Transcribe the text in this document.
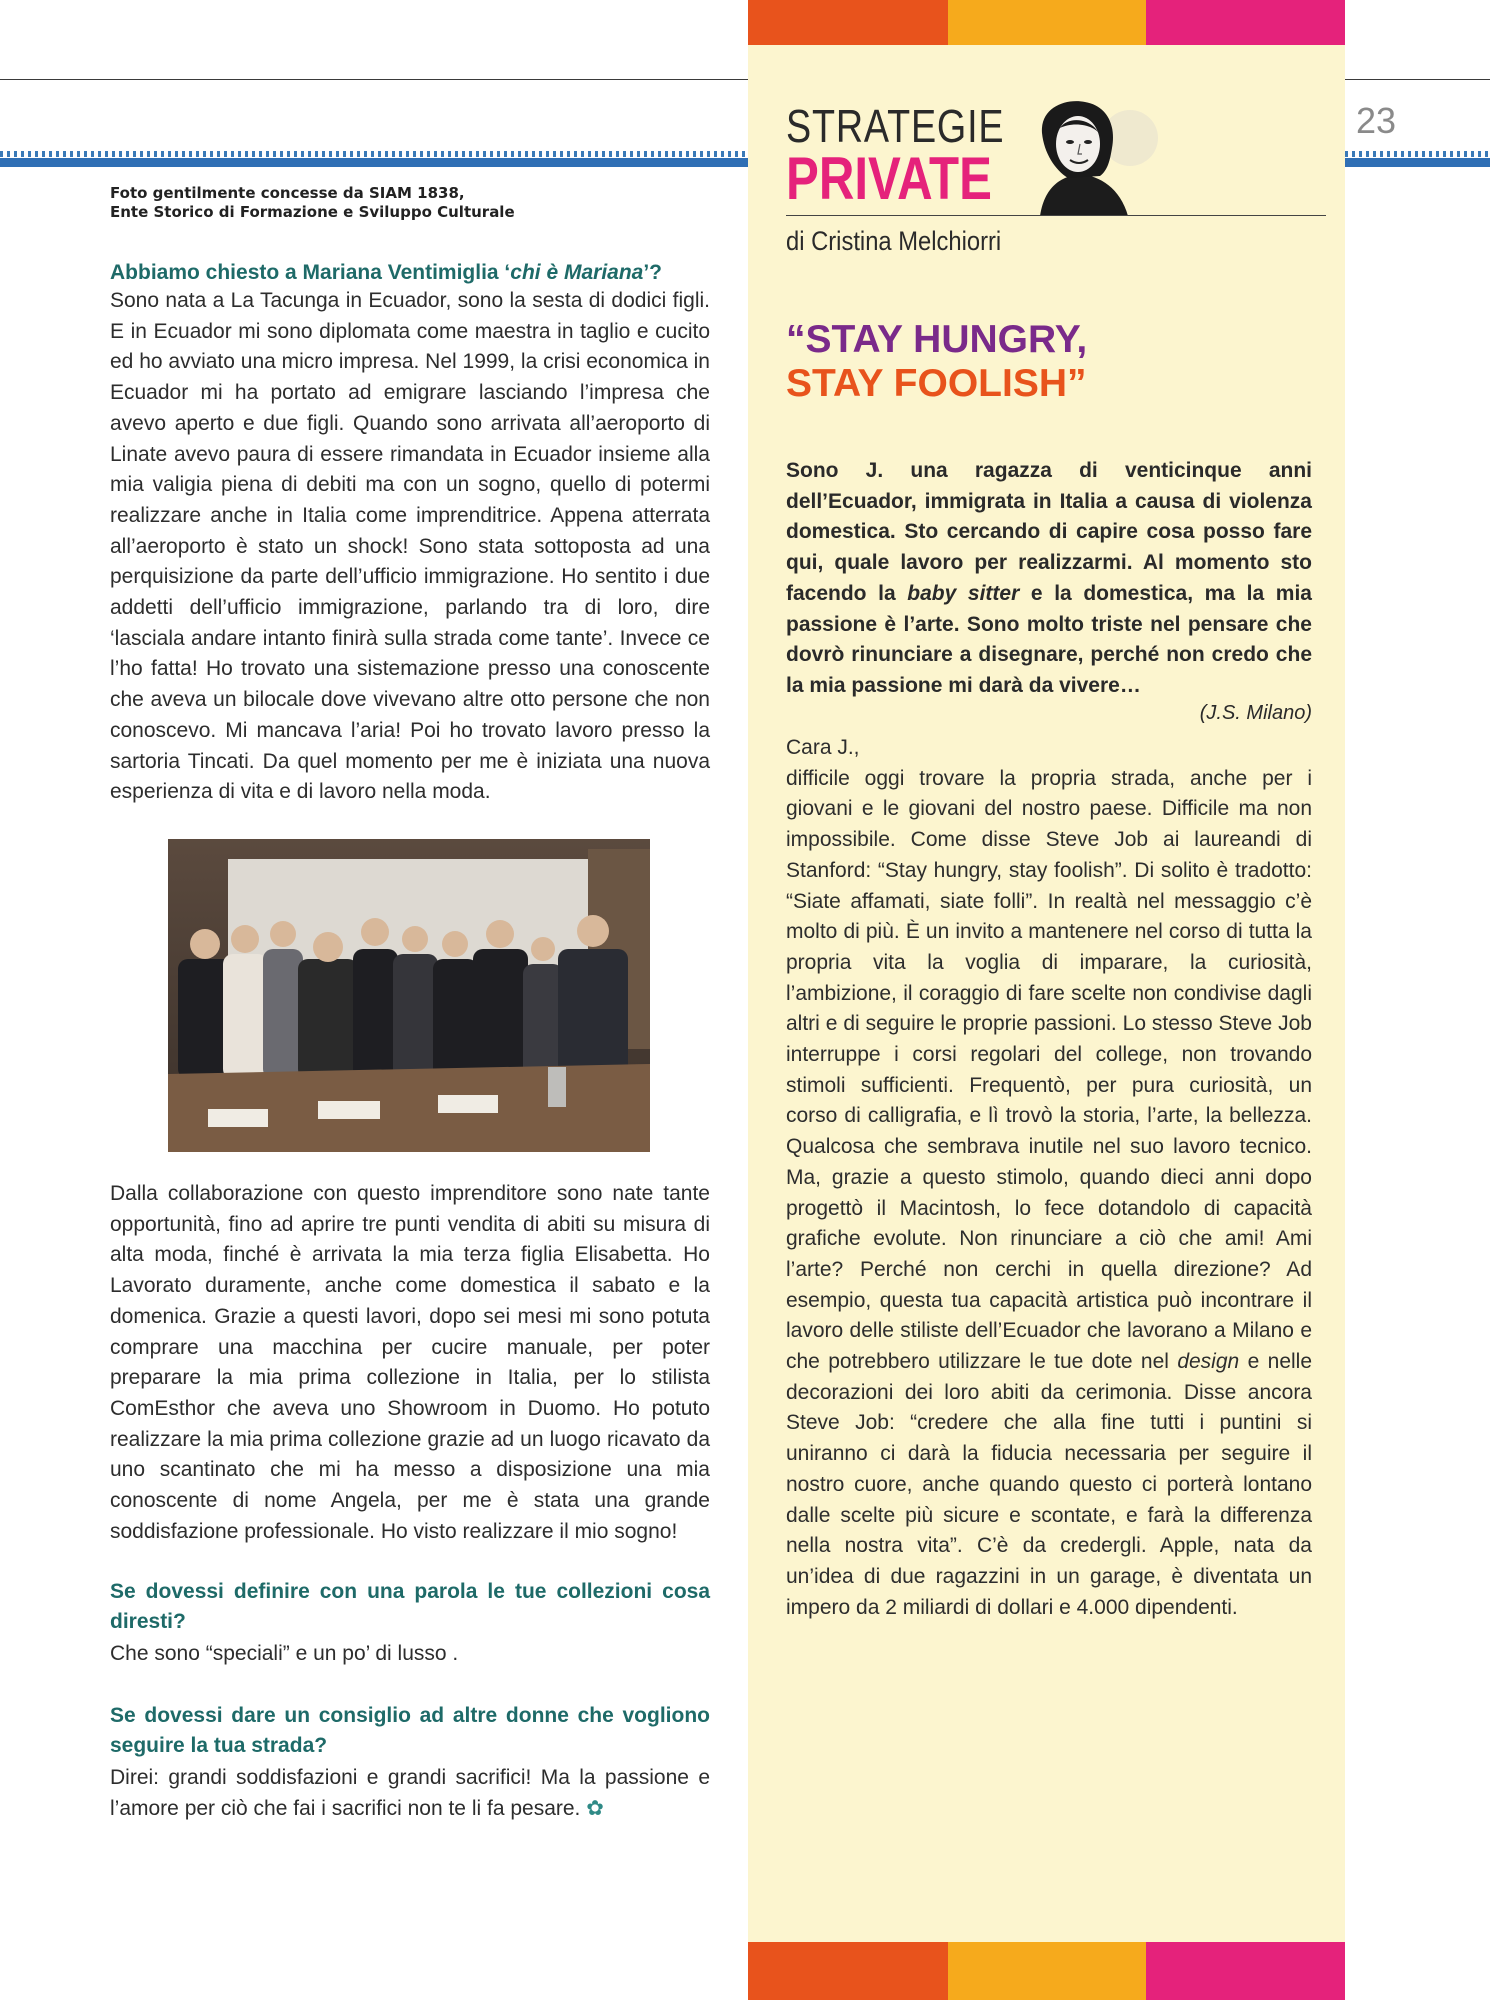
23
Foto gentilmente concesse da SIAM 1838,
Ente Storico di Formazione e Sviluppo Culturale
Abbiamo chiesto a Mariana Ventimiglia ‘chi è Mariana’?
Sono nata a La Tacunga in Ecuador, sono la sesta di dodici figli. E in Ecuador mi sono diplomata come maestra in taglio e cucito ed ho avviato una micro impresa. Nel 1999, la crisi economica in Ecuador mi ha portato ad emigrare lasciando l’impresa che avevo aperto e due figli. Quando sono arrivata all’aeroporto di Linate avevo paura di essere rimandata in Ecuador insieme alla mia valigia piena di debiti ma con un sogno, quello di potermi realizzare anche in Italia come imprenditrice. Appena atterrata all’aeroporto è stato un shock! Sono stata sottoposta ad una perquisizione da parte dell’ufficio immigrazione. Ho sentito i due addetti dell’ufficio immigrazione, parlando tra di loro, dire ‘lasciala andare intanto finirà sulla strada come tante’. Invece ce l’ho fatta! Ho trovato una sistemazione presso una conoscente che aveva un bilocale dove vivevano altre otto persone che non conoscevo. Mi mancava l’aria! Poi ho trovato lavoro presso la sartoria Tincati. Da quel momento per me è iniziata una nuova esperienza di vita e di lavoro nella moda.
Dalla collaborazione con questo imprenditore sono nate tante opportunità, fino ad aprire tre punti vendita di abiti su misura di alta moda, finché è arrivata la mia terza figlia Elisabetta. Ho Lavorato duramente, anche come domestica il sabato e la domenica. Grazie a questi lavori, dopo sei mesi mi sono potuta comprare una macchina per cucire manuale, per poter preparare la mia prima collezione in Italia, per lo stilista ComEsthor che aveva uno Showroom in Duomo. Ho potuto realizzare la mia prima collezione grazie ad un luogo ricavato da uno scantinato che mi ha messo a disposizione una mia conoscente di nome Angela, per me è stata una grande soddisfazione professionale. Ho visto realizzare il mio sogno!
Se dovessi definire con una parola le tue collezioni cosa diresti?
Che sono “speciali” e un po’ di lusso .
Se dovessi dare un consiglio ad altre donne che vogliono seguire la tua strada?
Direi: grandi soddisfazioni e grandi sacrifici! Ma la passione e l’amore per ciò che fai i sacrifici non te li fa pesare. ✿
STRATEGIE
PRIVATE
di Cristina Melchiorri
“STAY HUNGRY,
STAY FOOLISH”
Sono J. una ragazza di venticinque anni dell’Ecuador, immigrata in Italia a causa di violenza domestica. Sto cercando di capire cosa posso fare qui, quale lavoro per realizzarmi. Al momento sto facendo la baby sitter e la domestica, ma la mia passione è l’arte. Sono molto triste nel pensare che dovrò rinunciare a disegnare, perché non credo che la mia passione mi darà da vivere…
(J.S. Milano)
Cara J.,
difficile oggi trovare la propria strada, anche per i giovani e le giovani del nostro paese. Difficile ma non impossibile. Come disse Steve Job ai laureandi di Stanford: “Stay hungry, stay foolish”. Di solito è tradotto: “Siate affamati, siate folli”. In realtà nel messaggio c’è molto di più. È un invito a mantenere nel corso di tutta la propria vita la voglia di imparare, la curiosità, l’ambizione, il coraggio di fare scelte non condivise dagli altri e di seguire le proprie passioni. Lo stesso Steve Job interruppe i corsi regolari del college, non trovando stimoli sufficienti. Frequentò, per pura curiosità, un corso di calligrafia, e lì trovò la storia, l’arte, la bellezza. Qualcosa che sembrava inutile nel suo lavoro tecnico. Ma, grazie a questo stimolo, quando dieci anni dopo progettò il Macintosh, lo fece dotandolo di capacità grafiche evolute. Non rinunciare a ciò che ami! Ami l’arte? Perché non cerchi in quella direzione? Ad esempio, questa tua capacità artistica può incontrare il lavoro delle stiliste dell’Ecuador che lavorano a Milano e che potrebbero utilizzare le tue dote nel design e nelle decorazioni dei loro abiti da cerimonia. Disse ancora Steve Job: “credere che alla fine tutti i puntini si uniranno ci darà la fiducia necessaria per seguire il nostro cuore, anche quando questo ci porterà lontano dalle scelte più sicure e scontate, e farà la differenza nella nostra vita”. C’è da credergli. Apple, nata da un’idea di due ragazzini in un garage, è diventata un impero da 2 miliardi di dollari e 4.000 dipendenti.
